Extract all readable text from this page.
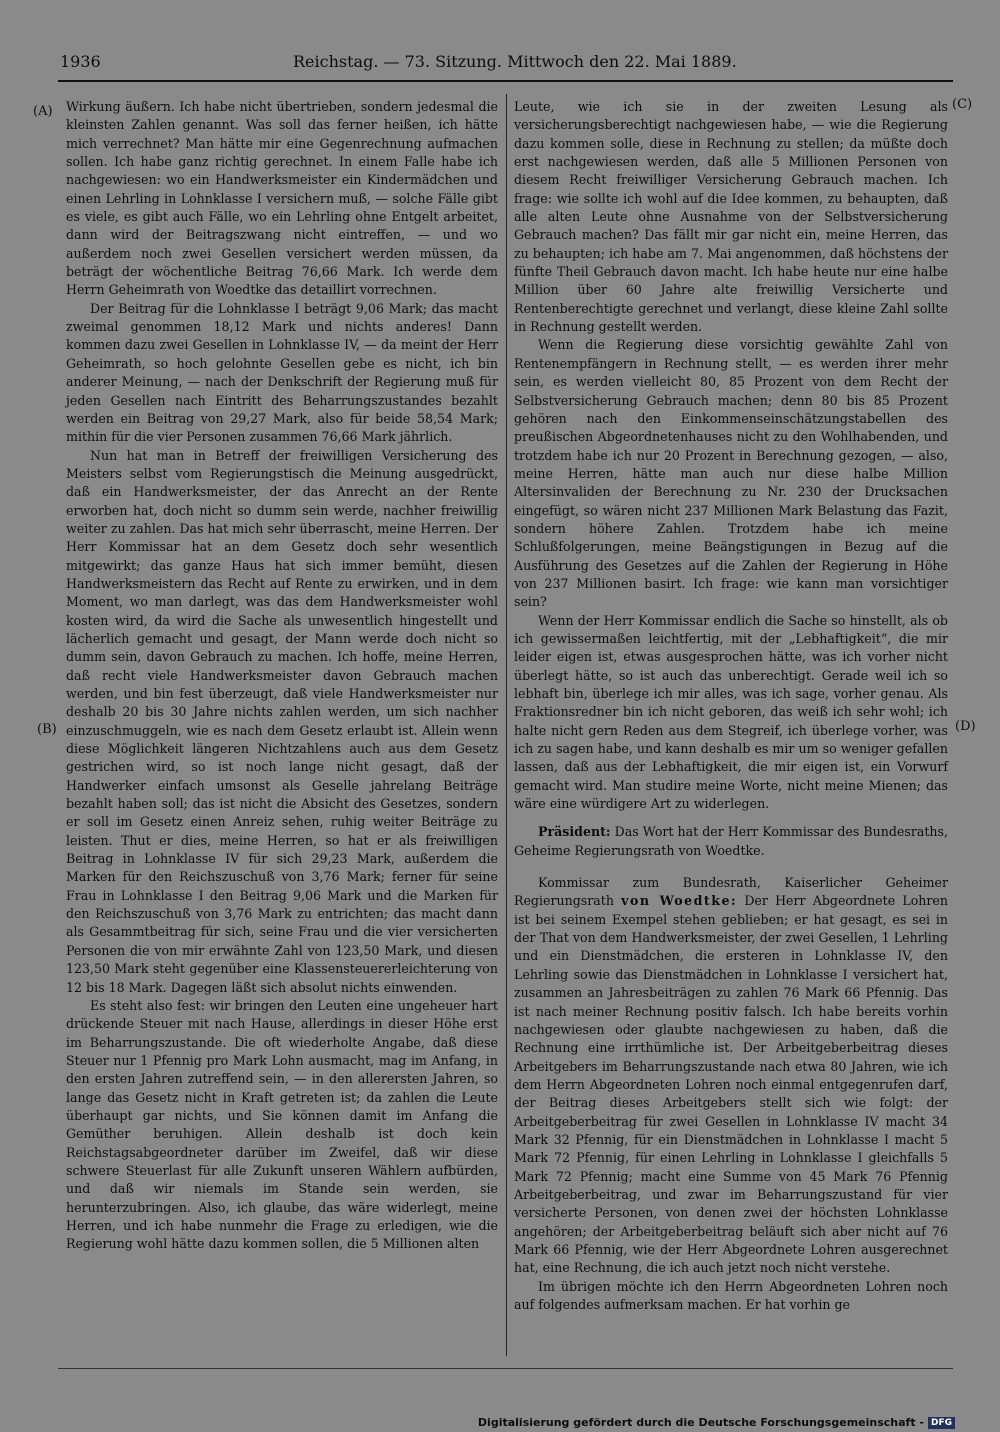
1936	Reichstag. — 73. Sitzung. Mittwoch den 22. Mai 1889.
(A)
(B)
(C)
(D)

Wirkung äußern. Ich habe nicht übertrieben, sondern jedesmal die kleinsten Zahlen genannt. Was soll das ferner heißen, ich hätte mich verrechnet? Man hätte mir eine Gegenrechnung aufmachen sollen. Ich habe ganz richtig gerechnet. In einem Falle habe ich nachgewiesen: wo ein Handwerksmeister ein Kindermädchen und einen Lehrling in Lohnklasse I versichern muß, — solche Fälle gibt es viele, es gibt auch Fälle, wo ein Lehrling ohne Entgelt arbeitet, dann wird der Beitragszwang nicht eintreffen, — und wo außerdem noch zwei Gesellen versichert werden müssen, da beträgt der wöchentliche Beitrag 76,66 Mark. Ich werde dem Herrn Geheimrath von Woedtke das detaillirt vorrechnen.

Der Beitrag für die Lohnklasse I beträgt 9,06 Mark; das macht zweimal genommen 18,12 Mark und nichts anderes! Dann kommen dazu zwei Gesellen in Lohnklasse IV, — da meint der Herr Geheimrath, so hoch gelohnte Gesellen gebe es nicht, ich bin anderer Meinung, — nach der Denkschrift der Regierung muß für jeden Gesellen nach Eintritt des Beharrungszustandes bezahlt werden ein Beitrag von 29,27 Mark, also für beide 58,54 Mark; mithin für die vier Personen zusammen 76,66 Mark jährlich.

Nun hat man in Betreff der freiwilligen Versicherung des Meisters selbst vom Regierungstisch die Meinung ausgedrückt, daß ein Handwerksmeister, der das Anrecht an der Rente erworben hat, doch nicht so dumm sein werde, nachher freiwillig weiter zu zahlen. Das hat mich sehr überrascht, meine Herren. Der Herr Kommissar hat an dem Gesetz doch sehr wesentlich mitgewirkt; das ganze Haus hat sich immer bemüht, diesen Handwerksmeistern das Recht auf Rente zu erwirken, und in dem Moment, wo man darlegt, was das dem Handwerksmeister wohl kosten wird, da wird die Sache als unwesentlich hingestellt und lächerlich gemacht und gesagt, der Mann werde doch nicht so dumm sein, davon Gebrauch zu machen. Ich hoffe, meine Herren, daß recht viele Handwerksmeister davon Gebrauch machen werden, und bin fest überzeugt, daß viele Handwerksmeister nur deshalb 20 bis 30 Jahre nichts zahlen werden, um sich nachher einzuschmuggeln, wie es nach dem Gesetz erlaubt ist. Allein wenn diese Möglichkeit längeren Nichtzahlens auch aus dem Gesetz gestrichen wird, so ist noch lange nicht gesagt, daß der Handwerker einfach umsonst als Geselle jahrelang Beiträge bezahlt haben soll; das ist nicht die Absicht des Gesetzes, sondern er soll im Gesetz einen Anreiz sehen, ruhig weiter Beiträge zu leisten. Thut er dies, meine Herren, so hat er als freiwilligen Beitrag in Lohnklasse IV für sich 29,23 Mark, außerdem die Marken für den Reichszuschuß von 3,76 Mark; ferner für seine Frau in Lohnklasse I den Beitrag 9,06 Mark und die Marken für den Reichszuschuß von 3,76 Mark zu entrichten; das macht dann als Gesammtbeitrag für sich, seine Frau und die vier versicherten Personen die von mir erwähnte Zahl von 123,50 Mark, und diesen 123,50 Mark steht gegenüber eine Klassensteuererleichterung von 12 bis 18 Mark. Dagegen läßt sich absolut nichts einwenden.

Es steht also fest: wir bringen den Leuten eine ungeheuer hart drückende Steuer mit nach Hause, allerdings in dieser Höhe erst im Beharrungszustande. Die oft wiederholte Angabe, daß diese Steuer nur 1 Pfennig pro Mark Lohn ausmacht, mag im Anfang, in den ersten Jahren zutreffend sein, — in den allerersten Jahren, so lange das Gesetz nicht in Kraft getreten ist; da zahlen die Leute überhaupt gar nichts, und Sie können damit im Anfang die Gemüther beruhigen. Allein deshalb ist doch kein Reichstagsabgeordneter darüber im Zweifel, daß wir diese schwere Steuerlast für alle Zukunft unseren Wählern aufbürden, und daß wir niemals im Stande sein werden, sie herunterzubringen. Also, ich glaube, das wäre widerlegt, meine Herren, und ich habe nunmehr die Frage zu erledigen, wie die Regierung wohl hätte dazu kommen sollen, die 5 Millionen alten

Leute, wie ich sie in der zweiten Lesung als versicherungsberechtigt nachgewiesen habe, — wie die Regierung dazu kommen solle, diese in Rechnung zu stellen; da müßte doch erst nachgewiesen werden, daß alle 5 Millionen Personen von diesem Recht freiwilliger Versicherung Gebrauch machen. Ich frage: wie sollte ich wohl auf die Idee kommen, zu behaupten, daß alle alten Leute ohne Ausnahme von der Selbstversicherung Gebrauch machen? Das fällt mir gar nicht ein, meine Herren, das zu behaupten; ich habe am 7. Mai angenommen, daß höchstens der fünfte Theil Gebrauch davon macht. Ich habe heute nur eine halbe Million über 60 Jahre alte freiwillig Versicherte und Rentenberechtigte gerechnet und verlangt, diese kleine Zahl sollte in Rechnung gestellt werden.

Wenn die Regierung diese vorsichtig gewählte Zahl von Rentenempfängern in Rechnung stellt, — es werden ihrer mehr sein, es werden vielleicht 80, 85 Prozent von dem Recht der Selbstversicherung Gebrauch machen; denn 80 bis 85 Prozent gehören nach den Einkommenseinschätzungstabellen des preußischen Abgeordnetenhauses nicht zu den Wohlhabenden, und trotzdem habe ich nur 20 Prozent in Berechnung gezogen, — also, meine Herren, hätte man auch nur diese halbe Million Altersinvaliden der Berechnung zu Nr. 230 der Drucksachen eingefügt, so wären nicht 237 Millionen Mark Belastung das Fazit, sondern höhere Zahlen. Trotzdem habe ich meine Schlußfolgerungen, meine Beängstigungen in Bezug auf die Ausführung des Gesetzes auf die Zahlen der Regierung in Höhe von 237 Millionen basirt. Ich frage: wie kann man vorsichtiger sein?

Wenn der Herr Kommissar endlich die Sache so hinstellt, als ob ich gewissermaßen leichtfertig, mit der „Lebhaftigkeit“, die mir leider eigen ist, etwas ausgesprochen hätte, was ich vorher nicht überlegt hätte, so ist auch das unberechtigt. Gerade weil ich so lebhaft bin, überlege ich mir alles, was ich sage, vorher genau. Als Fraktionsredner bin ich nicht geboren, das weiß ich sehr wohl; ich halte nicht gern Reden aus dem Stegreif, ich überlege vorher, was ich zu sagen habe, und kann deshalb es mir um so weniger gefallen lassen, daß aus der Lebhaftigkeit, die mir eigen ist, ein Vorwurf gemacht wird. Man studire meine Worte, nicht meine Mienen; das wäre eine würdigere Art zu widerlegen.

Präsident: Das Wort hat der Herr Kommissar des Bundesraths, Geheime Regierungsrath von Woedtke.

Kommissar zum Bundesrath, Kaiserlicher Geheimer Regierungsrath von Woedtke: Der Herr Abgeordnete Lohren ist bei seinem Exempel stehen geblieben; er hat gesagt, es sei in der That von dem Handwerksmeister, der zwei Gesellen, 1 Lehrling und ein Dienstmädchen, die ersteren in Lohnklasse IV, den Lehrling sowie das Dienstmädchen in Lohnklasse I versichert hat, zusammen an Jahresbeiträgen zu zahlen 76 Mark 66 Pfennig. Das ist nach meiner Rechnung positiv falsch. Ich habe bereits vorhin nachgewiesen oder glaubte nachgewiesen zu haben, daß die Rechnung eine irrthümliche ist. Der Arbeitgeberbeitrag dieses Arbeitgebers im Beharrungszustande nach etwa 80 Jahren, wie ich dem Herrn Abgeordneten Lohren noch einmal entgegenrufen darf, der Beitrag dieses Arbeitgebers stellt sich wie folgt: der Arbeitgeberbeitrag für zwei Gesellen in Lohnklasse IV macht 34 Mark 32 Pfennig, für ein Dienstmädchen in Lohnklasse I macht 5 Mark 72 Pfennig, für einen Lehrling in Lohnklasse I gleichfalls 5 Mark 72 Pfennig; macht eine Summe von 45 Mark 76 Pfennig Arbeitgeberbeitrag, und zwar im Beharrungszustand für vier versicherte Personen, von denen zwei der höchsten Lohnklasse angehören; der Arbeitgeberbeitrag beläuft sich aber nicht auf 76 Mark 66 Pfennig, wie der Herr Abgeordnete Lohren ausgerechnet hat, eine Rechnung, die ich auch jetzt noch nicht verstehe.

Im übrigen möchte ich den Herrn Abgeordneten Lohren noch auf folgendes aufmerksam machen. Er hat vorhin ge

Digitalisierung gefördert durch die Deutsche Forschungsgemeinschaft - DFG
